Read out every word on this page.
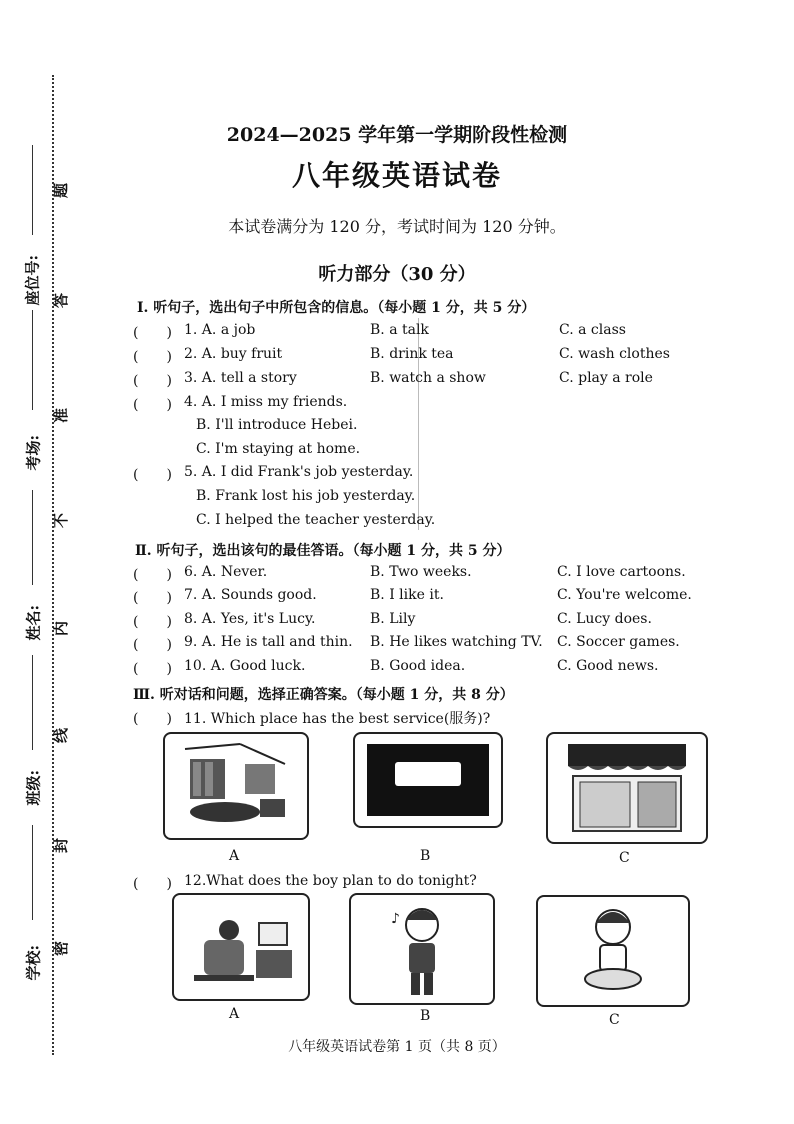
座位号:
考场:
姓名:
班级:
学校:
题
答
准
不
内
线
封
密
2024—2025 学年第一学期阶段性检测
八年级英语试卷
本试卷满分为 120 分，考试时间为 120 分钟。
听力部分（30 分）
Ⅰ. 听句子，选出句子中所包含的信息。（每小题 1 分，共 5 分）
(　　) 1. A. a job	B. a talk	C. a class
(　　) 2. A. buy fruit	B. drink tea	C. wash clothes
(　　) 3. A. tell a story	B. watch a show	C. play a role
(　　) 4. A. I miss my friends.
B. I'll introduce Hebei.
C. I'm staying at home.
(　　) 5. A. I did Frank's job yesterday.
B. Frank lost his job yesterday.
C. I helped the teacher yesterday.
Ⅱ. 听句子，选出该句的最佳答语。（每小题 1 分，共 5 分）
(　　) 6. A. Never.	B. Two weeks.	C. I love cartoons.
(　　) 7. A. Sounds good.	B. I like it.	C. You're welcome.
(　　) 8. A. Yes, it's Lucy.	B. Lily	C. Lucy does.
(　　) 9. A. He is tall and thin. B. He likes watching TV. C. Soccer games.
(　　) 10. A. Good luck.	B. Good idea.	C. Good news.
Ⅲ. 听对话和问题，选择正确答案。（每小题 1 分，共 8 分）
(　　) 11. Which place has the best service(服务)?
A	B	C
(　　) 12.What does the boy plan to do tonight?
♪
A	B	C
八年级英语试卷第 1 页（共 8 页）
